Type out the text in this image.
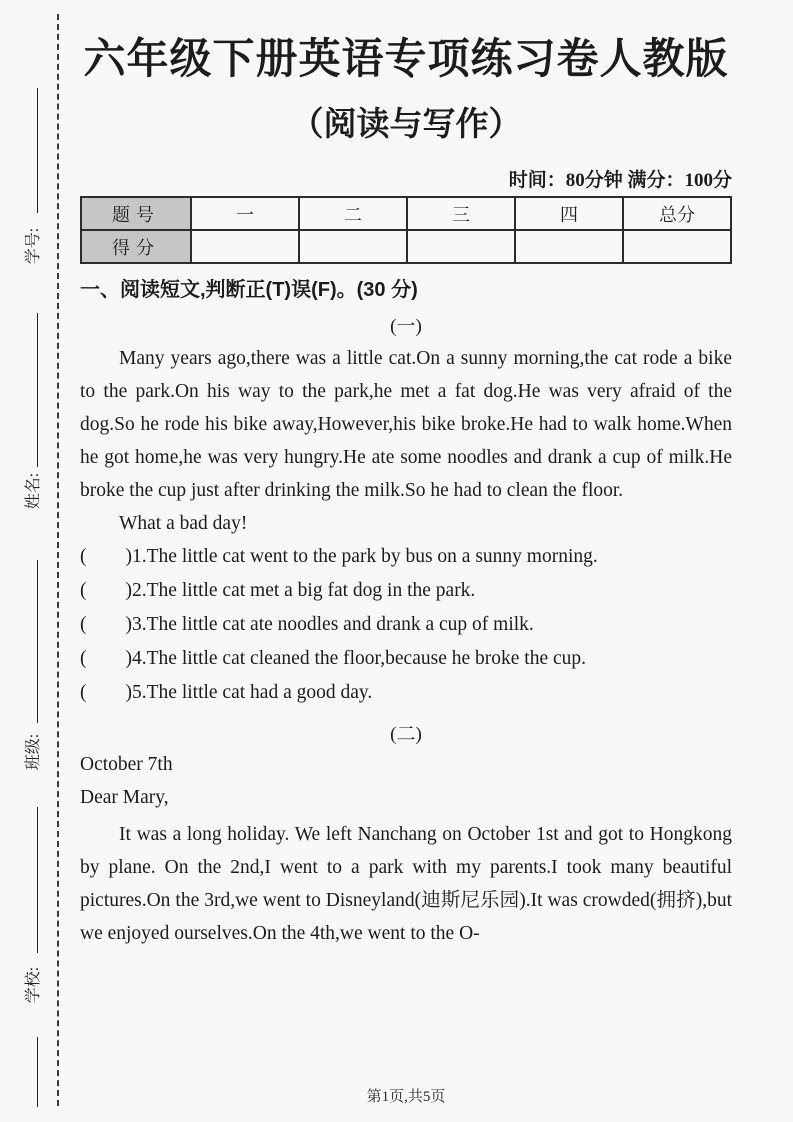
学号:
姓名:
班级:
学校:
六年级下册英语专项练习卷人教版
（阅读与写作）
时间：80分钟 满分：100分
题号	一	二	三	四	总分
得分					
一、阅读短文,判断正(T)误(F)。(30 分)
(一)

Many years ago,there was a little cat.On a sunny morning,the cat rode a bike to the park.On his way to the park,he met a fat dog.He was very afraid of the dog.So he rode his bike away,However,his bike broke.He had to walk home.When he got home,he was very hungry.He ate some noodles and drank a cup of milk.He broke the cup just after drinking the milk.So he had to clean the floor.

What a bad day!

(  )1.The little cat went to the park by bus on a sunny morning.

(  )2.The little cat met a big fat dog in the park.

(  )3.The little cat ate noodles and drank a cup of milk.

(  )4.The little cat cleaned the floor,because he broke the cup.

(  )5.The little cat had a good day.

(二)

October 7th

Dear Mary,

It was a long holiday. We left Nanchang on October 1st and got to Hongkong by plane. On the 2nd,I went to a park with my parents.I took many beautiful pictures.On the 3rd,we went to Disneyland(迪斯尼乐园).It was crowded(拥挤),but we enjoyed ourselves.On the 4th,we went to the O-

第1页,共5页
